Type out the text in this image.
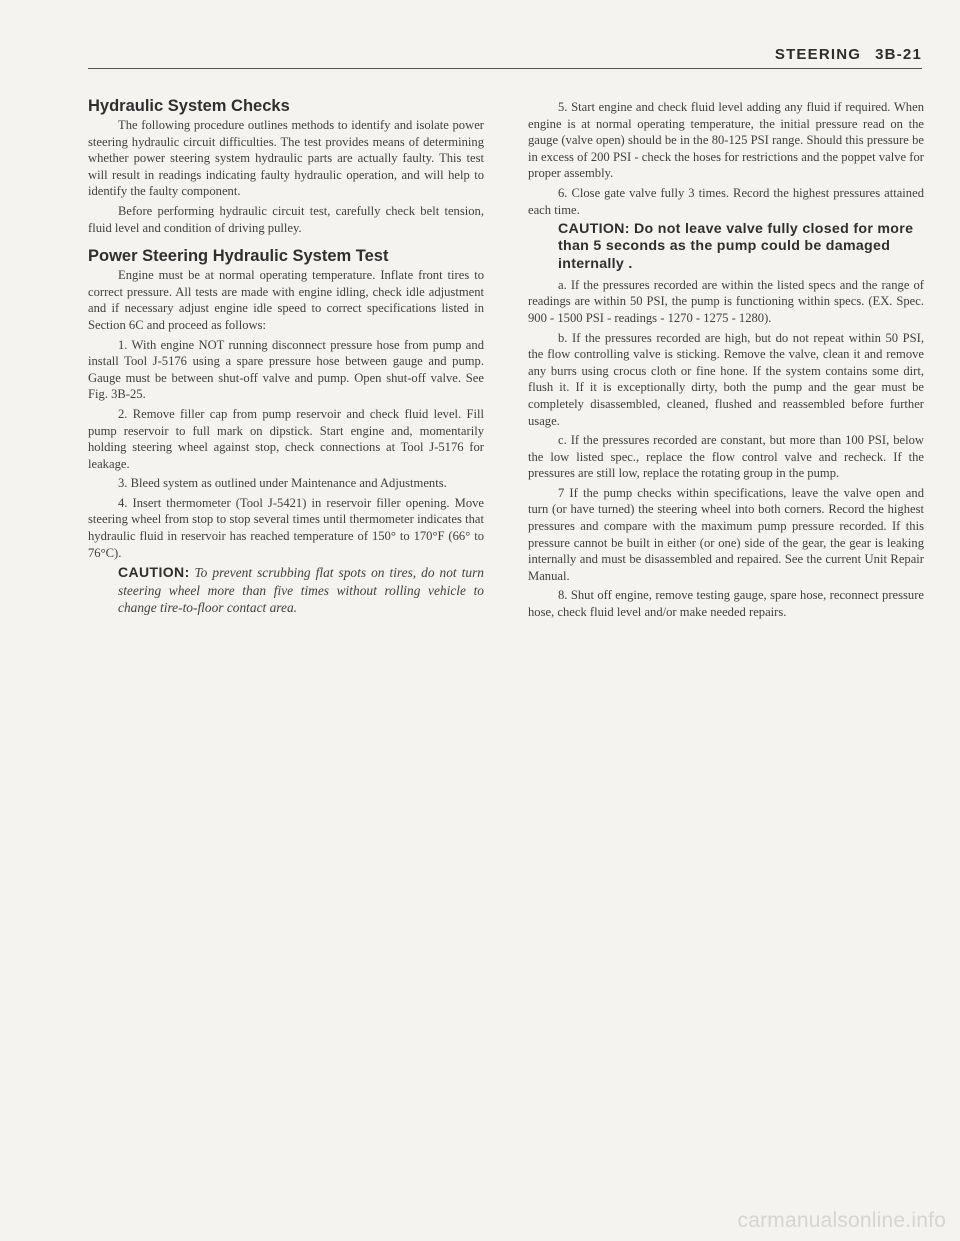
STEERING 3B-21
Hydraulic System Checks

The following procedure outlines methods to identify and isolate power steering hydraulic circuit difficulties. The test provides means of determining whether power steering system hydraulic parts are actually faulty. This test will result in readings indicating faulty hydraulic operation, and will help to identify the faulty component.

Before performing hydraulic circuit test, carefully check belt tension, fluid level and condition of driving pulley.

Power Steering Hydraulic System Test

Engine must be at normal operating temperature. Inflate front tires to correct pressure. All tests are made with engine idling, check idle adjustment and if necessary adjust engine idle speed to correct specifications listed in Section 6C and proceed as follows:

1. With engine NOT running disconnect pressure hose from pump and install Tool J-5176 using a spare pressure hose between gauge and pump. Gauge must be between shut-off valve and pump. Open shut-off valve. See Fig. 3B-25.

2. Remove filler cap from pump reservoir and check fluid level. Fill pump reservoir to full mark on dipstick. Start engine and, momentarily holding steering wheel against stop, check connections at Tool J-5176 for leakage.

3. Bleed system as outlined under Maintenance and Adjustments.

4. Insert thermometer (Tool J-5421) in reservoir filler opening. Move steering wheel from stop to stop several times until thermometer indicates that hydraulic fluid in reservoir has reached temperature of 150° to 170°F (66° to 76°C).

CAUTION: To prevent scrubbing flat spots on tires, do not turn steering wheel more than five times without rolling vehicle to change tire-to-floor contact area.

5. Start engine and check fluid level adding any fluid if required. When engine is at normal operating temperature, the initial pressure read on the gauge (valve open) should be in the 80-125 PSI range. Should this pressure be in excess of 200 PSI - check the hoses for restrictions and the poppet valve for proper assembly.

6. Close gate valve fully 3 times. Record the highest pressures attained each time.

CAUTION: Do not leave valve fully closed for more than 5 seconds as the pump could be damaged internally .

a. If the pressures recorded are within the listed specs and the range of readings are within 50 PSI, the pump is functioning within specs. (EX. Spec. 900 - 1500 PSI - readings - 1270 - 1275 - 1280).

b. If the pressures recorded are high, but do not repeat within 50 PSI, the flow controlling valve is sticking. Remove the valve, clean it and remove any burrs using crocus cloth or fine hone. If the system contains some dirt, flush it. If it is exceptionally dirty, both the pump and the gear must be completely disassembled, cleaned, flushed and reassembled before further usage.

c. If the pressures recorded are constant, but more than 100 PSI, below the low listed spec., replace the flow control valve and recheck. If the pressures are still low, replace the rotating group in the pump.

7 If the pump checks within specifications, leave the valve open and turn (or have turned) the steering wheel into both corners. Record the highest pressures and compare with the maximum pump pressure recorded. If this pressure cannot be built in either (or one) side of the gear, the gear is leaking internally and must be disassembled and repaired. See the current Unit Repair Manual.

8. Shut off engine, remove testing gauge, spare hose, reconnect pressure hose, check fluid level and/or make needed repairs.

carmanualsonline.info
